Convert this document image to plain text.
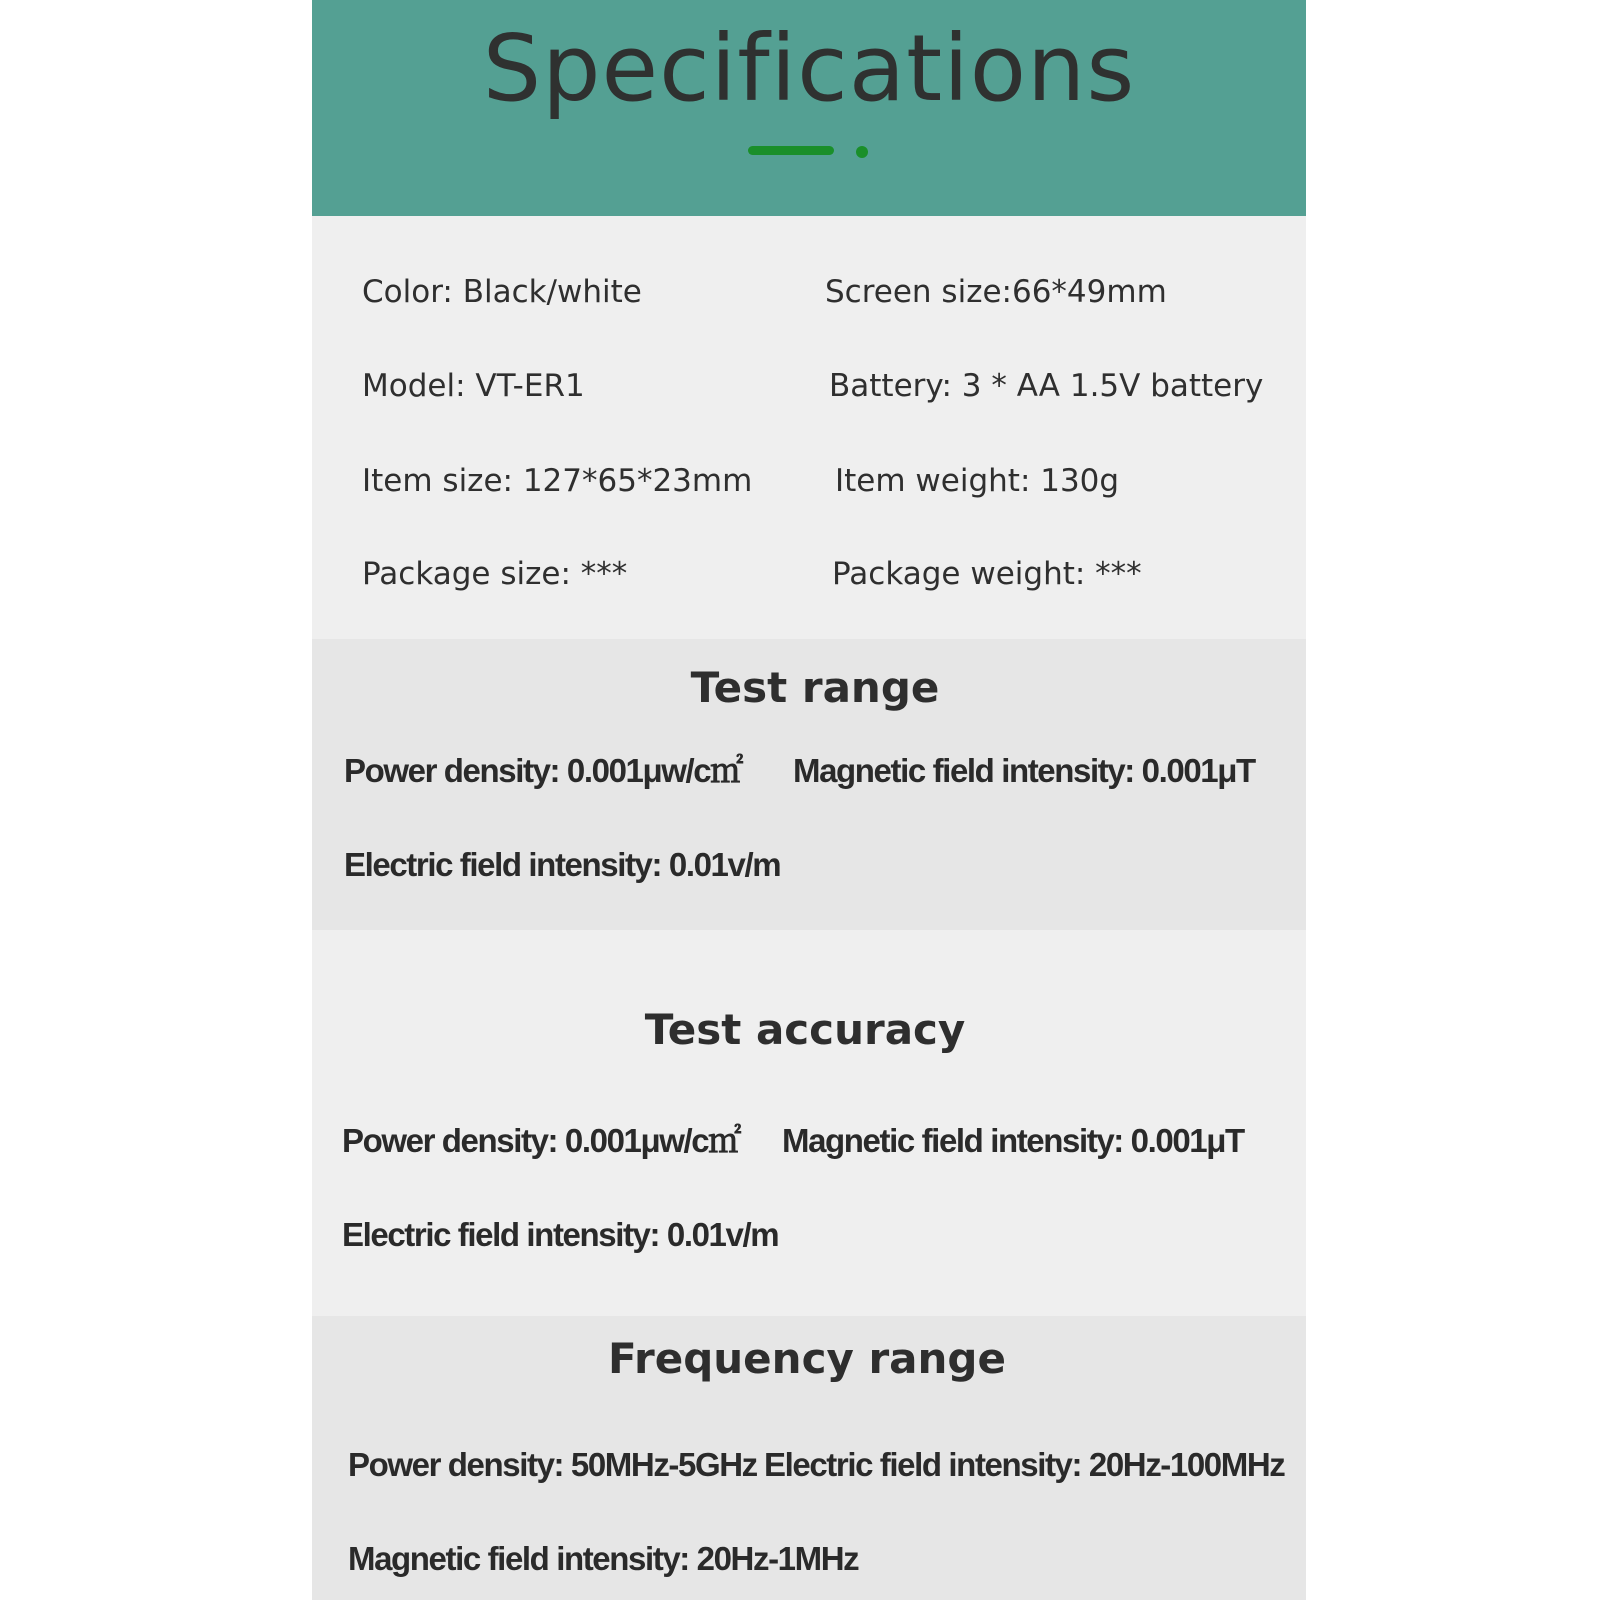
Specifications
Color: Black/white	Screen size:66*49mm
Model: VT-ER1	Battery: 3 * AA 1.5V battery
Item size: 127*65*23mm	Item weight: 130g
Package size: ***	Package weight: ***
Test range
Power density: 0.001μw/c㎡ Magnetic field intensity: 0.001μT
Electric field intensity: 0.01v/m
Test accuracy
Power density: 0.001μw/c㎡ Magnetic field intensity: 0.001μT
Electric field intensity: 0.01v/m
Frequency range
Power density: 50MHz-5GHz Electric field intensity: 20Hz-100MHz
Magnetic field intensity: 20Hz-1MHz
